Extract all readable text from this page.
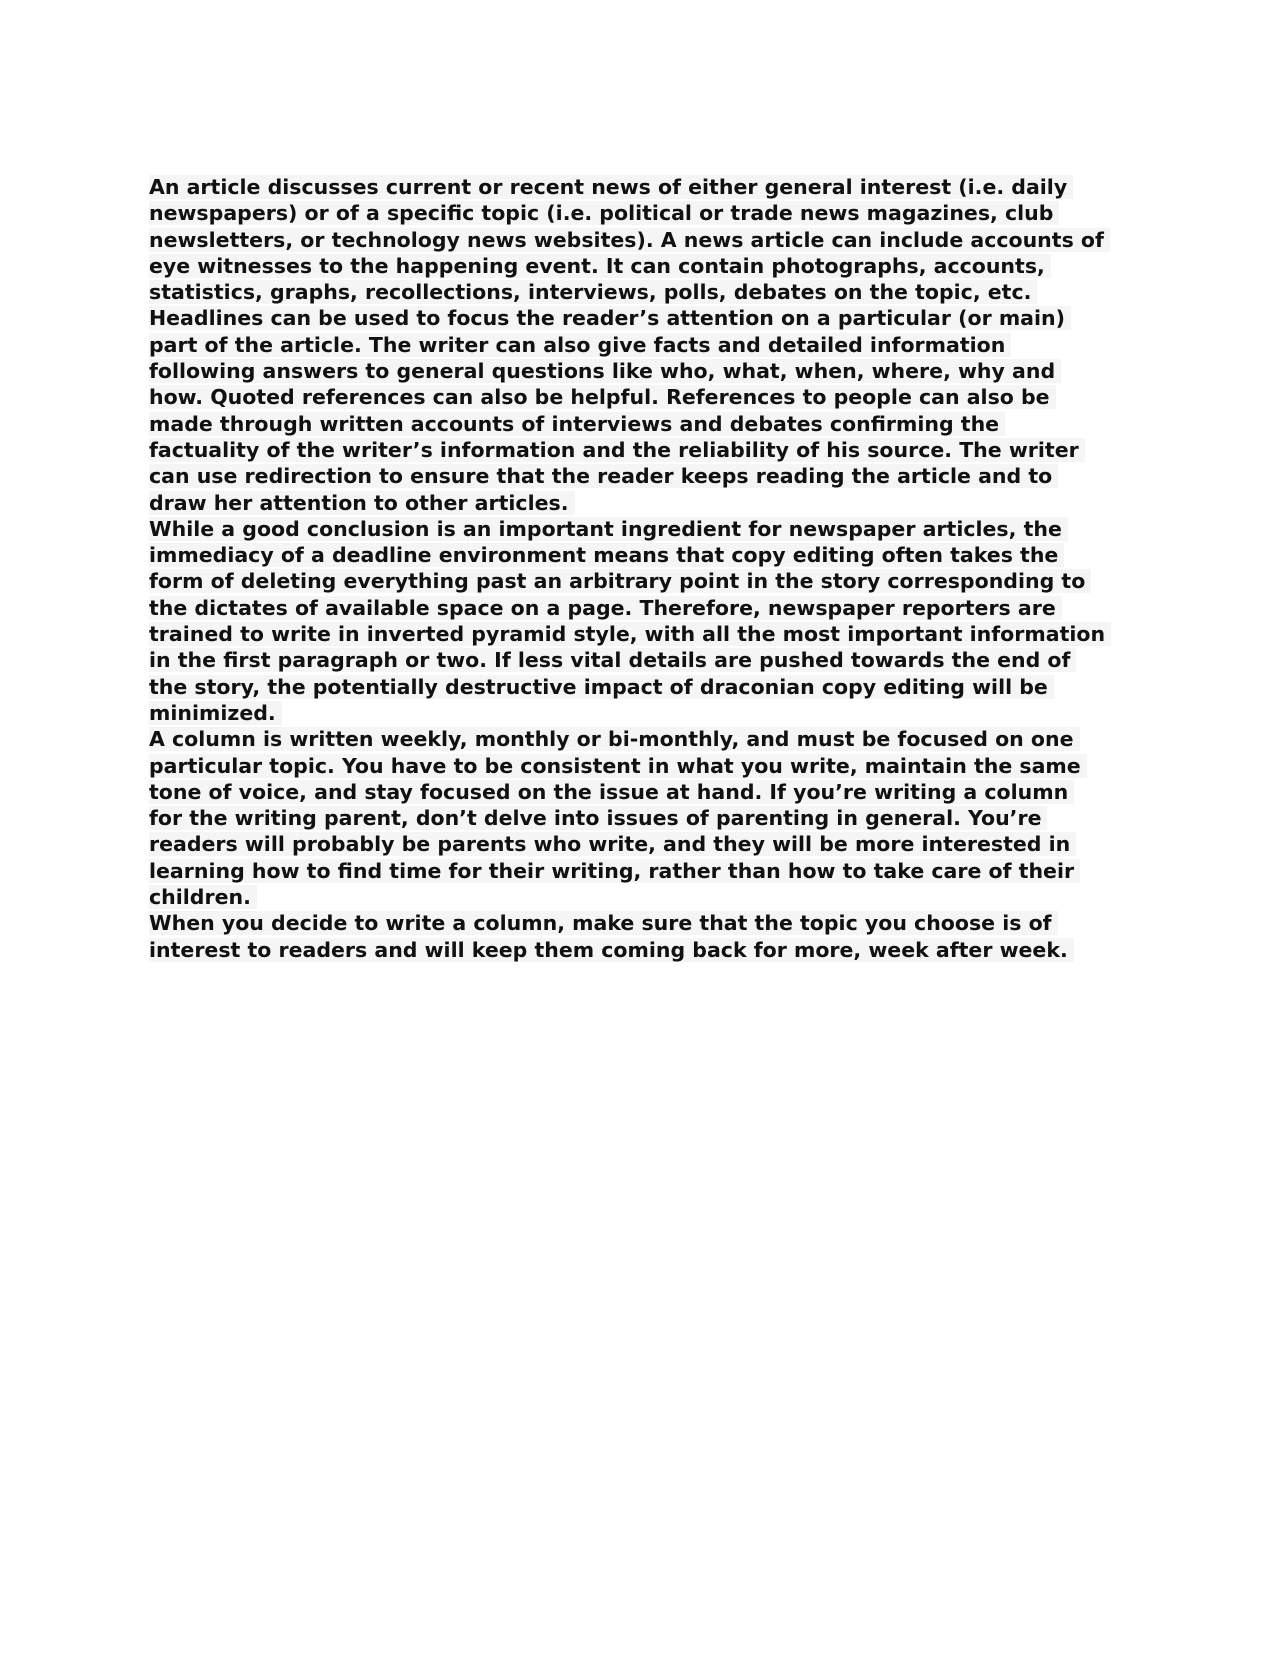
An article discusses current or recent news of either general interest (i.e. daily
newspapers) or of a specific topic (i.e. political or trade news magazines, club
newsletters, or technology news websites). A news article can include accounts of
eye witnesses to the happening event. It can contain photographs, accounts,
statistics, graphs, recollections, interviews, polls, debates on the topic, etc.
Headlines can be used to focus the reader’s attention on a particular (or main)
part of the article. The writer can also give facts and detailed information
following answers to general questions like who, what, when, where, why and
how. Quoted references can also be helpful. References to people can also be
made through written accounts of interviews and debates confirming the
factuality of the writer’s information and the reliability of his source. The writer
can use redirection to ensure that the reader keeps reading the article and to
draw her attention to other articles.
While a good conclusion is an important ingredient for newspaper articles, the
immediacy of a deadline environment means that copy editing often takes the
form of deleting everything past an arbitrary point in the story corresponding to
the dictates of available space on a page. Therefore, newspaper reporters are
trained to write in inverted pyramid style, with all the most important information
in the first paragraph or two. If less vital details are pushed towards the end of
the story, the potentially destructive impact of draconian copy editing will be
minimized.
A column is written weekly, monthly or bi-monthly, and must be focused on one
particular topic. You have to be consistent in what you write, maintain the same
tone of voice, and stay focused on the issue at hand. If you’re writing a column
for the writing parent, don’t delve into issues of parenting in general. You’re
readers will probably be parents who write, and they will be more interested in
learning how to find time for their writing, rather than how to take care of their
children.
When you decide to write a column, make sure that the topic you choose is of
interest to readers and will keep them coming back for more, week after week.
